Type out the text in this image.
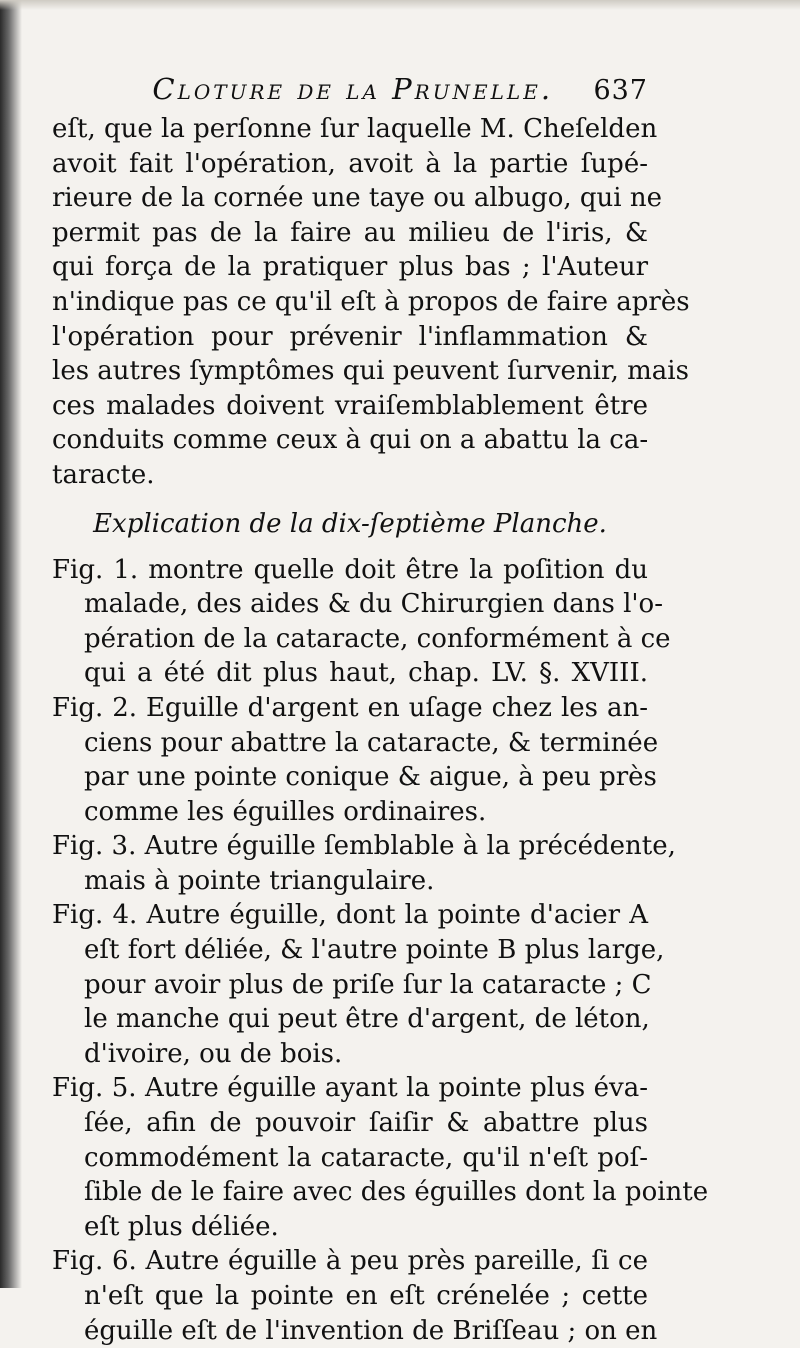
Cloture de la Prunelle.	637
eſt, que la perſonne ſur laquelle M. Cheſelden
avoit fait l'opération, avoit à la partie ſupé-
rieure de la cornée une taye ou albugo, qui ne
permit pas de la faire au milieu de l'iris, &
qui força de la pratiquer plus bas ; l'Auteur
n'indique pas ce qu'il eſt à propos de faire après
l'opération pour prévenir l'inflammation &
les autres ſymptômes qui peuvent ſurvenir, mais
ces malades doivent vraiſemblablement être
conduits comme ceux à qui on a abattu la ca-
taracte.
Explication de la dix-ſeptième Planche.
Fig. 1. montre quelle doit être la poſition du
malade, des aides & du Chirurgien dans l'o-
pération de la cataracte, conformément à ce
qui a été dit plus haut, chap. LV. §. XVIII.
Fig. 2. Eguille d'argent en uſage chez les an-
ciens pour abattre la cataracte, & terminée
par une pointe conique & aigue, à peu près
comme les éguilles ordinaires.
Fig. 3. Autre éguille ſemblable à la précédente,
mais à pointe triangulaire.
Fig. 4. Autre éguille, dont la pointe d'acier A
eſt fort déliée, & l'autre pointe B plus large,
pour avoir plus de priſe ſur la cataracte ; C
le manche qui peut être d'argent, de léton,
d'ivoire, ou de bois.
Fig. 5. Autre éguille ayant la pointe plus éva-
ſée, afin de pouvoir ſaiſir & abattre plus
commodément la cataracte, qu'il n'eſt poſ-
ſible de le faire avec des éguilles dont la pointe
eſt plus déliée.
Fig. 6. Autre éguille à peu près pareille, ſi ce
n'eſt que la pointe en eſt crénelée ; cette
éguille eſt de l'invention de Briſſeau ; on en
